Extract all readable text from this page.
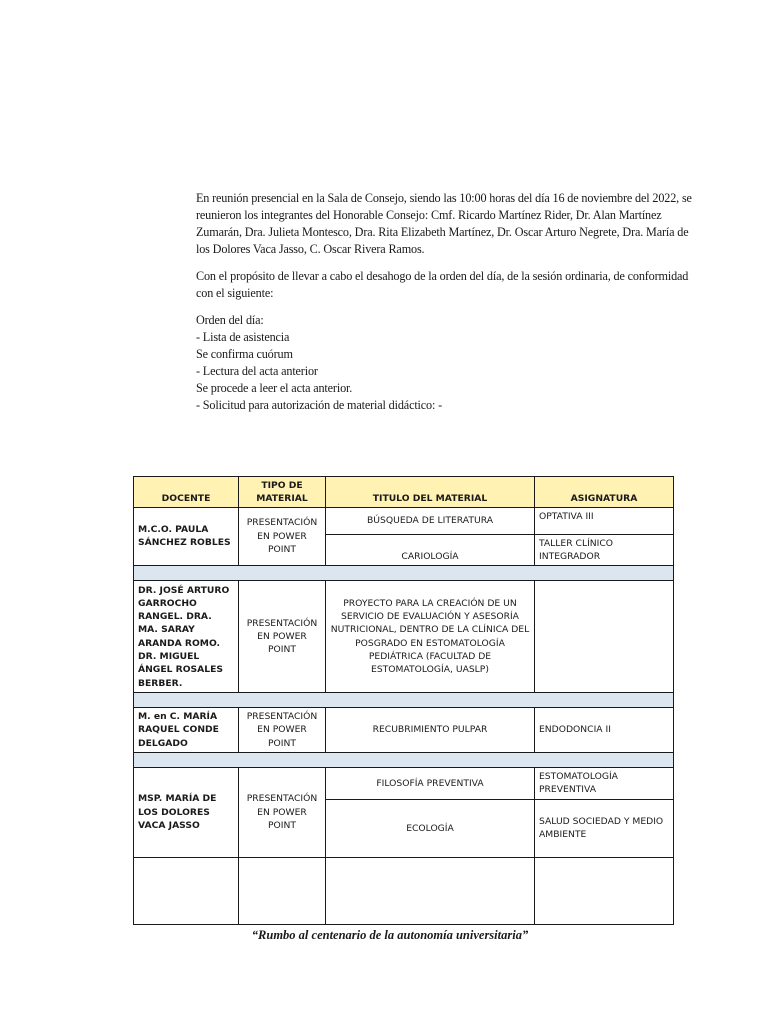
En reunión presencial en la Sala de Consejo, siendo las 10:00 horas del día 16 de noviembre del 2022, se reunieron los integrantes del Honorable Consejo: Cmf. Ricardo Martínez Rider, Dr. Alan Martínez Zumarán, Dra. Julieta Montesco, Dra. Rita Elizabeth Martínez, Dr. Oscar Arturo Negrete, Dra. María de los Dolores Vaca Jasso, C. Oscar Rivera Ramos.

Con el propósito de llevar a cabo el desahogo de la orden del día, de la sesión ordinaria, de conformidad con el siguiente:

Orden del día:

- Lista de asistencia

Se confirma cuórum

- Lectura del acta anterior

Se procede a leer el acta anterior.

- Solicitud para autorización de material didáctico: -

DOCENTE	TIPO DE MATERIAL	TITULO DEL MATERIAL	ASIGNATURA
M.C.O. PAULA SÁNCHEZ ROBLES	PRESENTACIÓN EN POWER POINT	BÚSQUEDA DE LITERATURA	OPTATIVA III
		CARIOLOGÍA	TALLER CLÍNICO INTEGRADOR

DR. JOSÉ ARTURO GARROCHO RANGEL. DRA. MA. SARAY ARANDA ROMO. DR. MIGUEL ÁNGEL ROSALES BERBER.	PRESENTACIÓN EN POWER POINT	PROYECTO PARA LA CREACIÓN DE UN SERVICIO DE EVALUACIÓN Y ASESORÍA NUTRICIONAL, DENTRO DE LA CLÍNICA DEL POSGRADO EN ESTOMATOLOGÍA PEDIÁTRICA (FACULTAD DE ESTOMATOLOGÍA, UASLP)	

M. en C. MARÍA RAQUEL CONDE DELGADO	PRESENTACIÓN EN POWER POINT	RECUBRIMIENTO PULPAR	ENDODONCIA II

MSP. MARÍA DE LOS DOLORES VACA JASSO	PRESENTACIÓN EN POWER POINT	FILOSOFÍA PREVENTIVA	ESTOMATOLOGÍA PREVENTIVA
		ECOLOGÍA	SALUD SOCIEDAD Y MEDIO AMBIENTE

“Rumbo al centenario de la autonomía universitaria”
